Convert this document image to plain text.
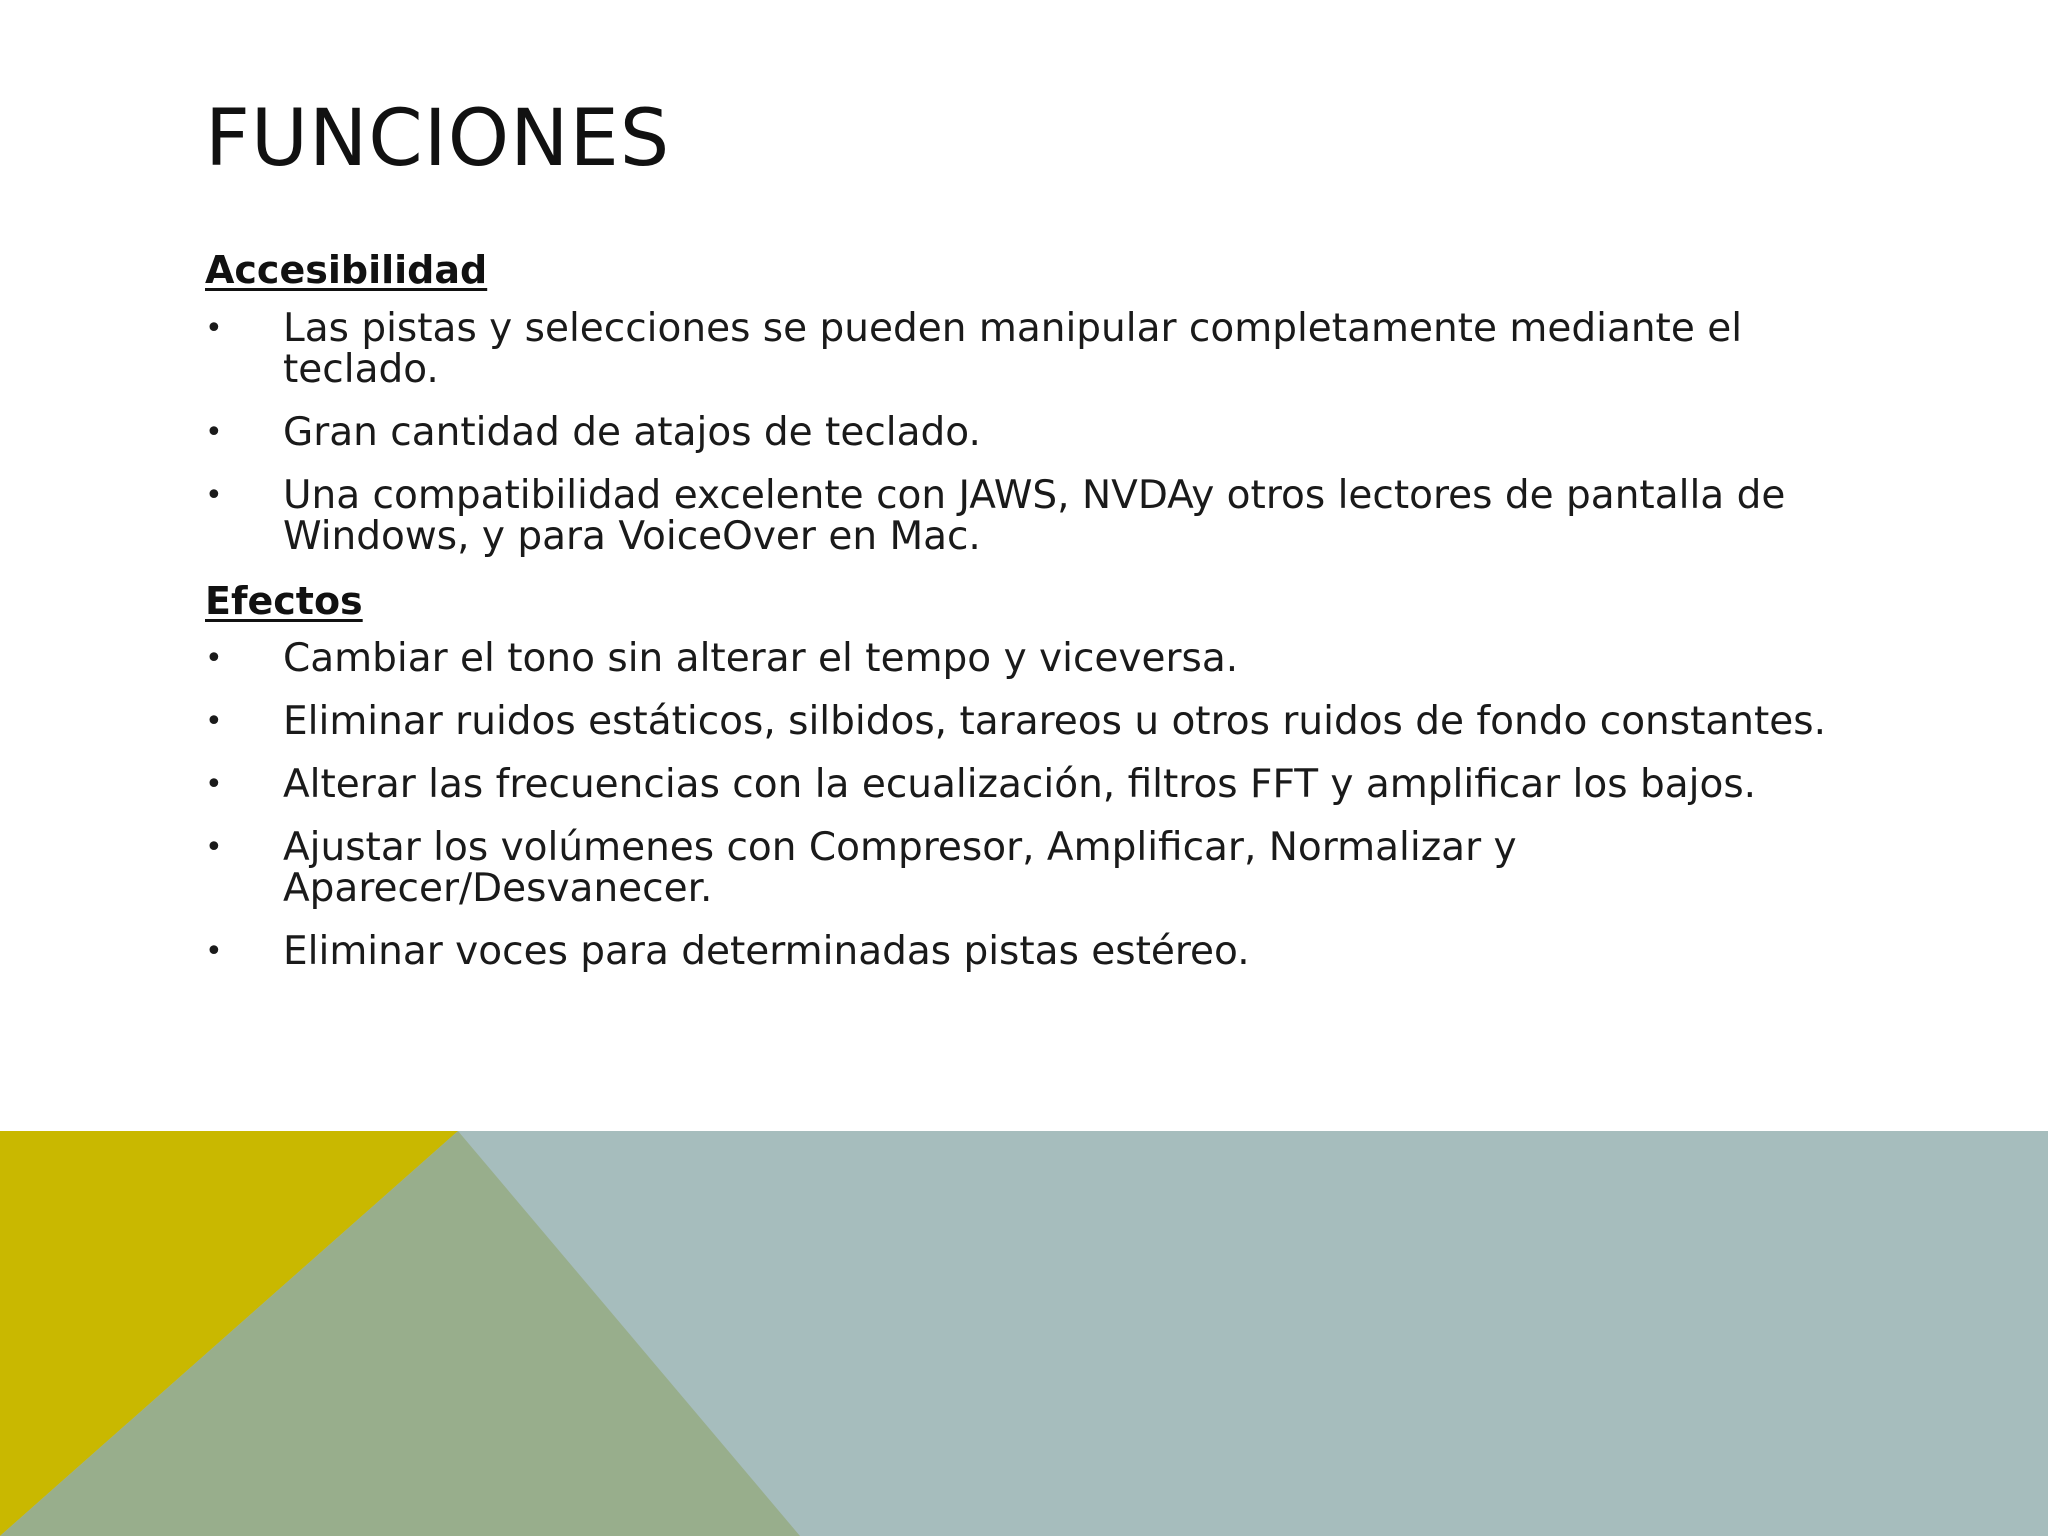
FUNCIONES
Accesibilidad
• Las pistas y selecciones se pueden manipular completamente mediante el teclado.
• Gran cantidad de atajos de teclado.
• Una compatibilidad excelente con JAWS, NVDAy otros lectores de pantalla de Windows, y para VoiceOver en Mac.
Efectos
• Cambiar el tono sin alterar el tempo y viceversa.
• Eliminar ruidos estáticos, silbidos, tarareos u otros ruidos de fondo constantes.
• Alterar las frecuencias con la ecualización, filtros FFT y amplificar los bajos.
• Ajustar los volúmenes con Compresor, Amplificar, Normalizar y Aparecer/Desvanecer.
• Eliminar voces para determinadas pistas estéreo.
